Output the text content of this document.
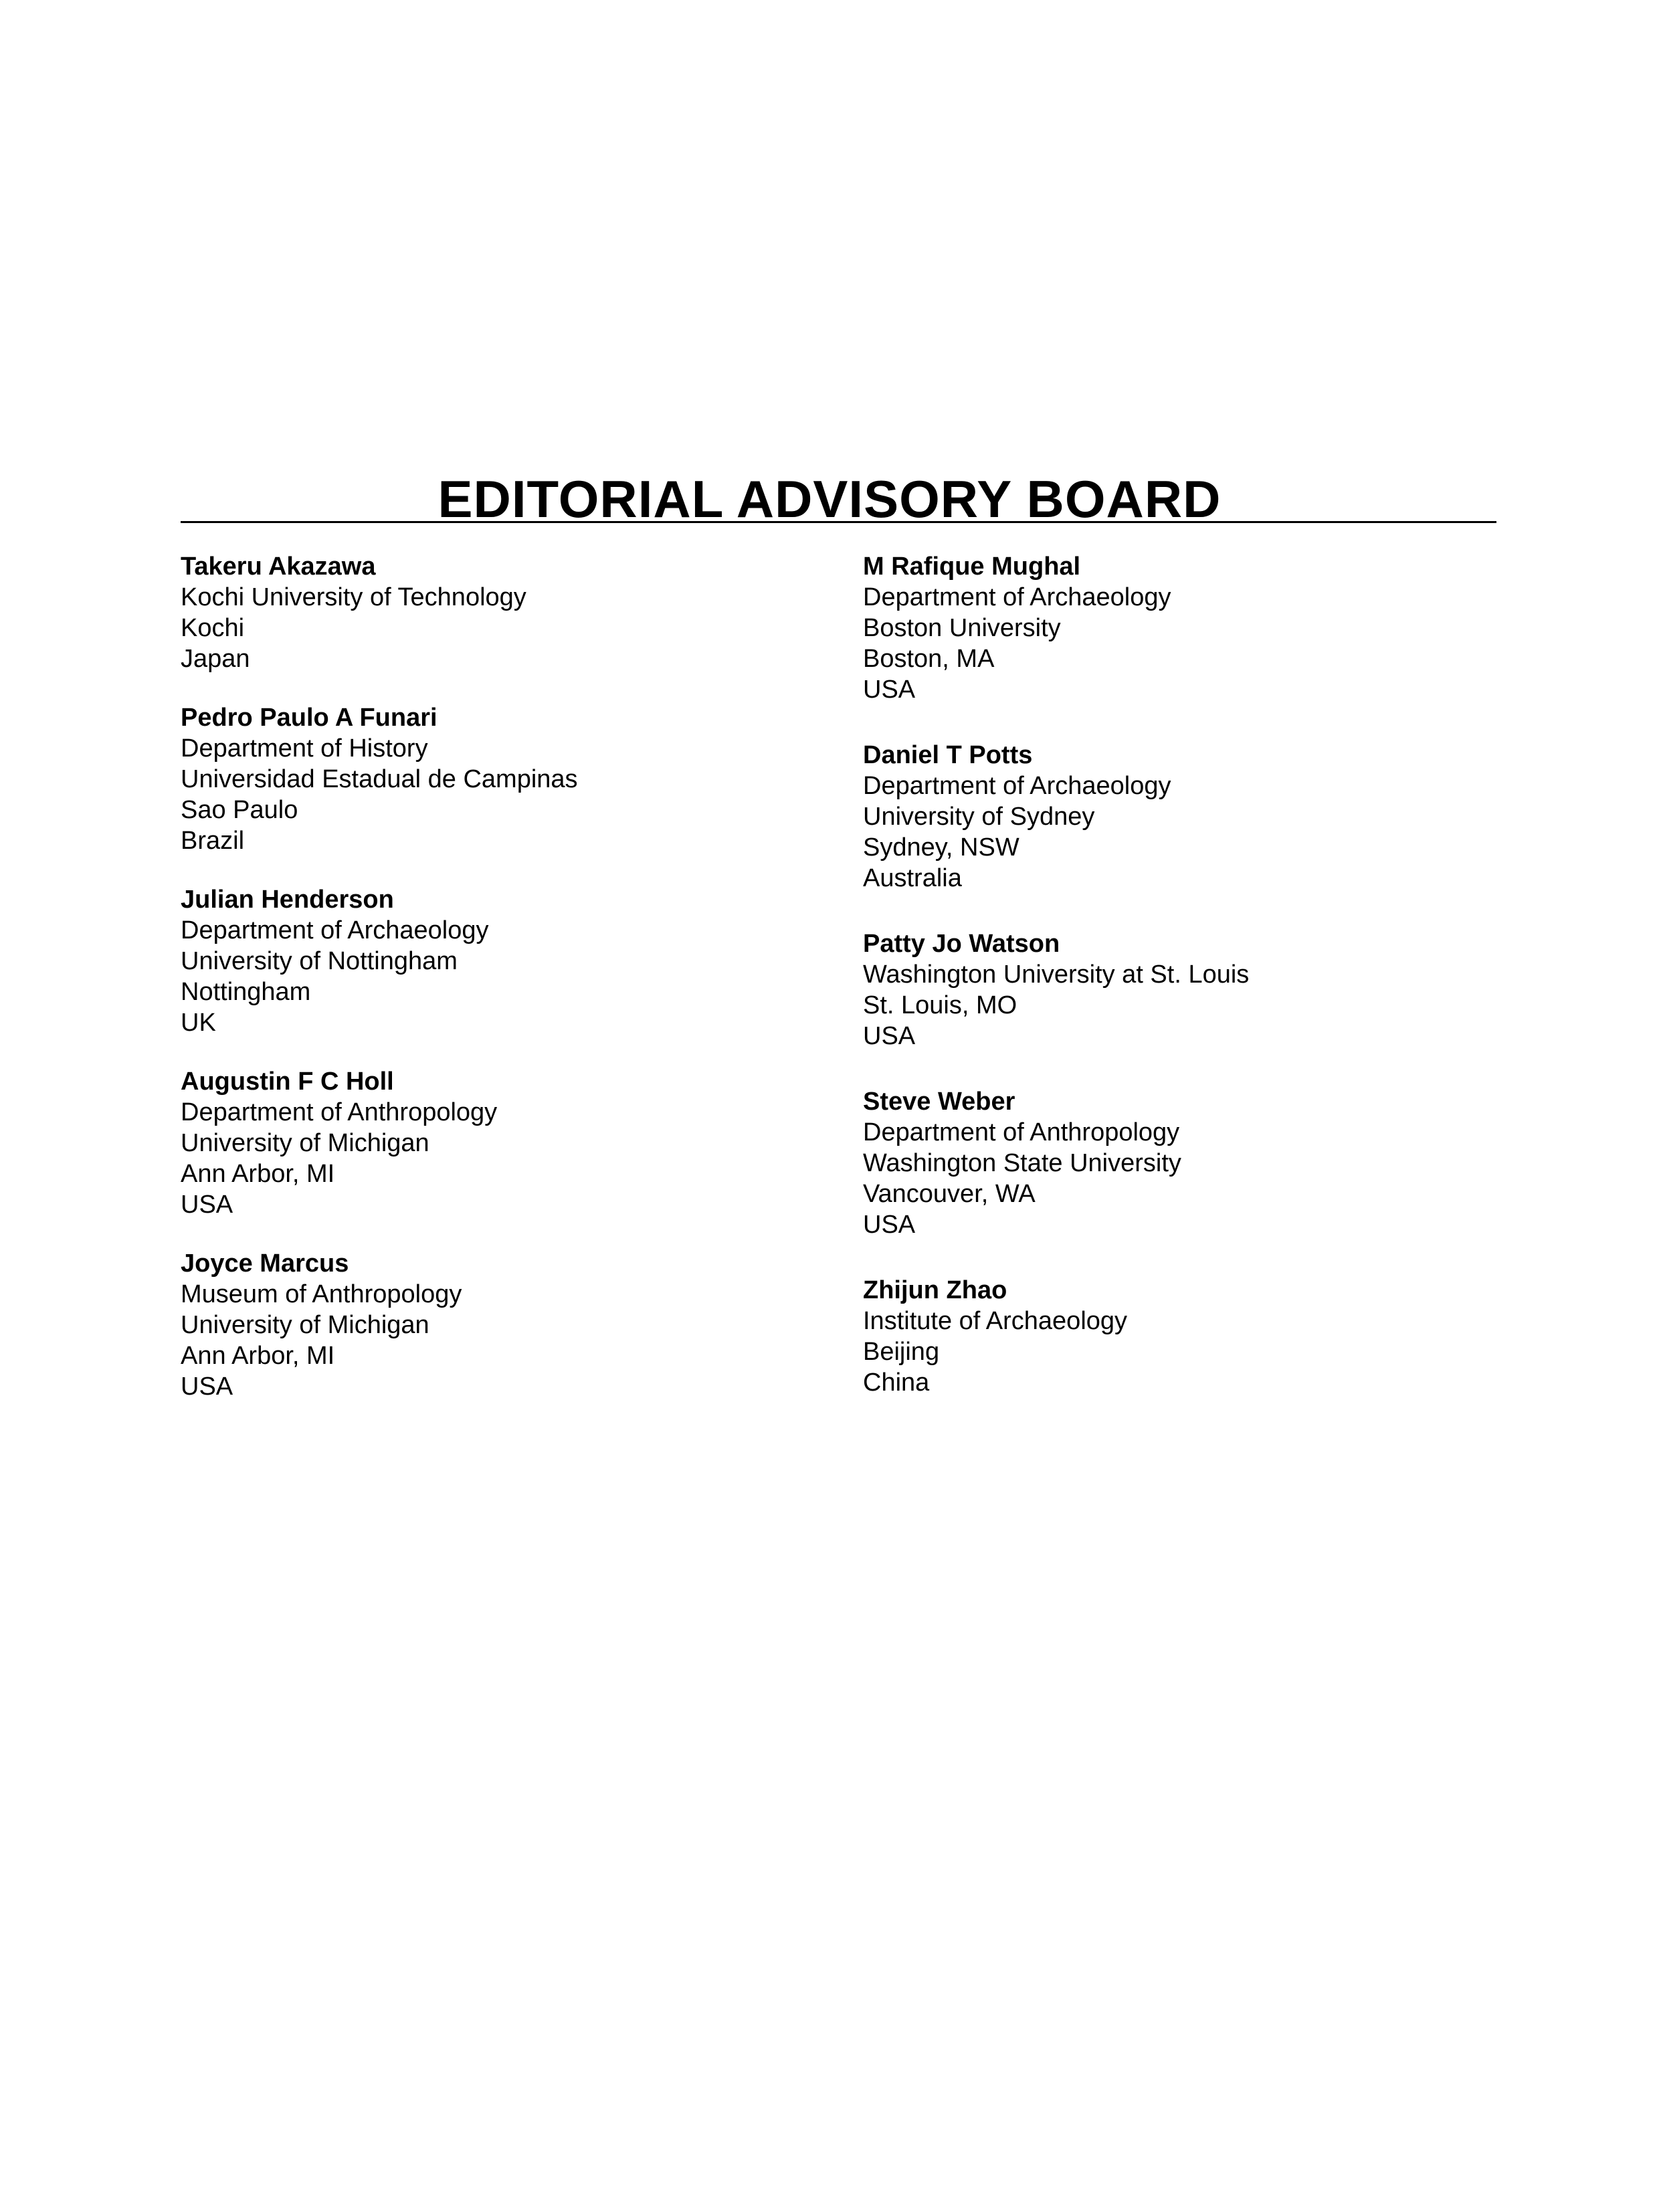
EDITORIAL ADVISORY BOARD
Takeru Akazawa
Kochi University of Technology
Kochi
Japan
Pedro Paulo A Funari
Department of History
Universidad Estadual de Campinas
Sao Paulo
Brazil
Julian Henderson
Department of Archaeology
University of Nottingham
Nottingham
UK
Augustin F C Holl
Department of Anthropology
University of Michigan
Ann Arbor, MI
USA
Joyce Marcus
Museum of Anthropology
University of Michigan
Ann Arbor, MI
USA
M Rafique Mughal
Department of Archaeology
Boston University
Boston, MA
USA
Daniel T Potts
Department of Archaeology
University of Sydney
Sydney, NSW
Australia
Patty Jo Watson
Washington University at St. Louis
St. Louis, MO
USA
Steve Weber
Department of Anthropology
Washington State University
Vancouver, WA
USA
Zhijun Zhao
Institute of Archaeology
Beijing
China
